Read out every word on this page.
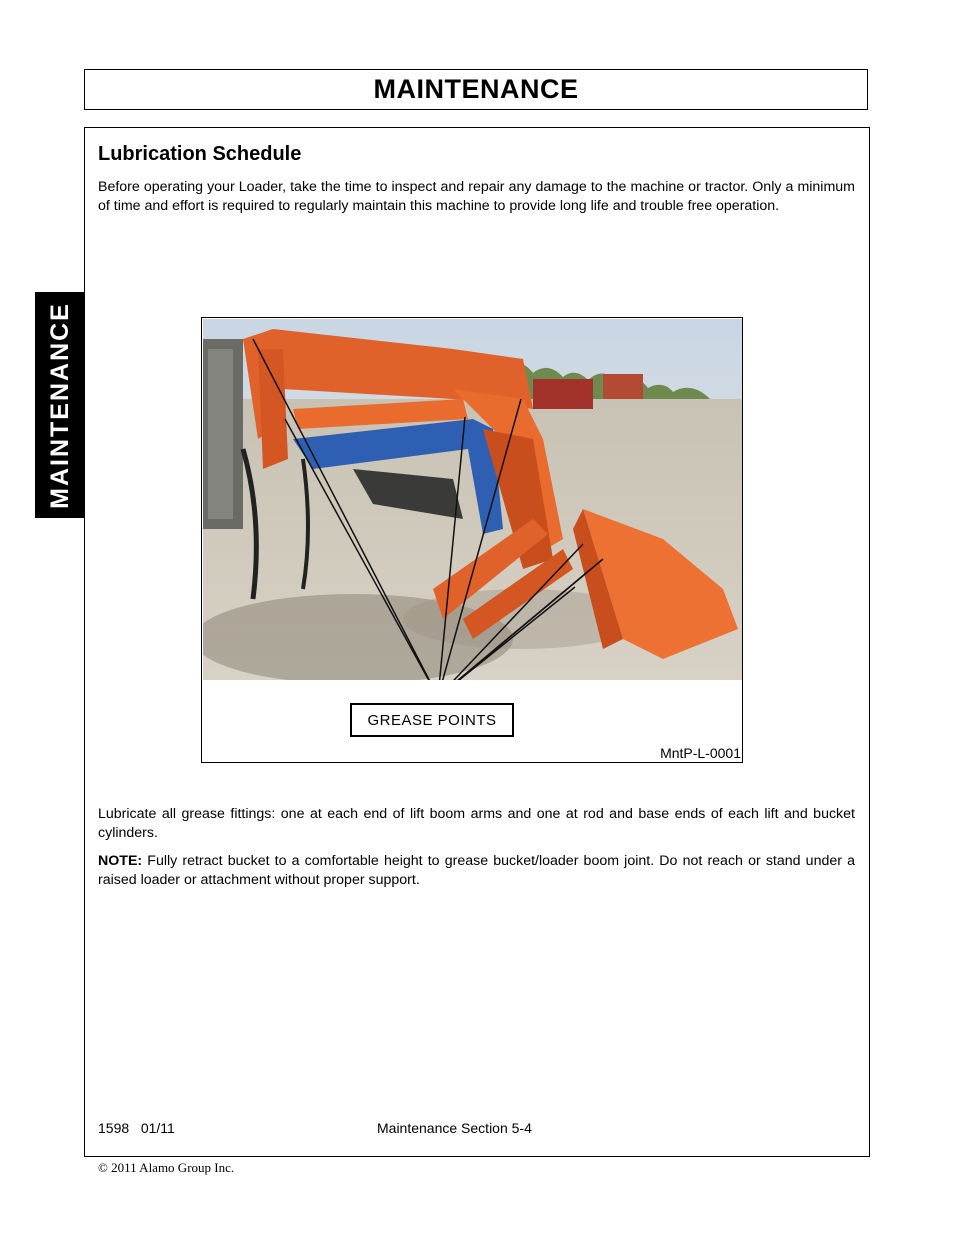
MAINTENANCE
MAINTENANCE
Lubrication Schedule

Before operating your Loader, take the time to inspect and repair any damage to the machine or tractor. Only a minimum of time and effort is required to regularly maintain this machine to provide long life and trouble free operation.

GREASE POINTS
MntP-L-0001

Lubricate all grease fittings: one at each end of lift boom arms and one at rod and base ends of each lift and bucket cylinders.

NOTE: Fully retract bucket to a comfortable height to grease bucket/loader boom joint. Do not reach or stand under a raised loader or attachment without proper support.

1598   01/11	Maintenance Section 5-4
© 2011 Alamo Group Inc.
